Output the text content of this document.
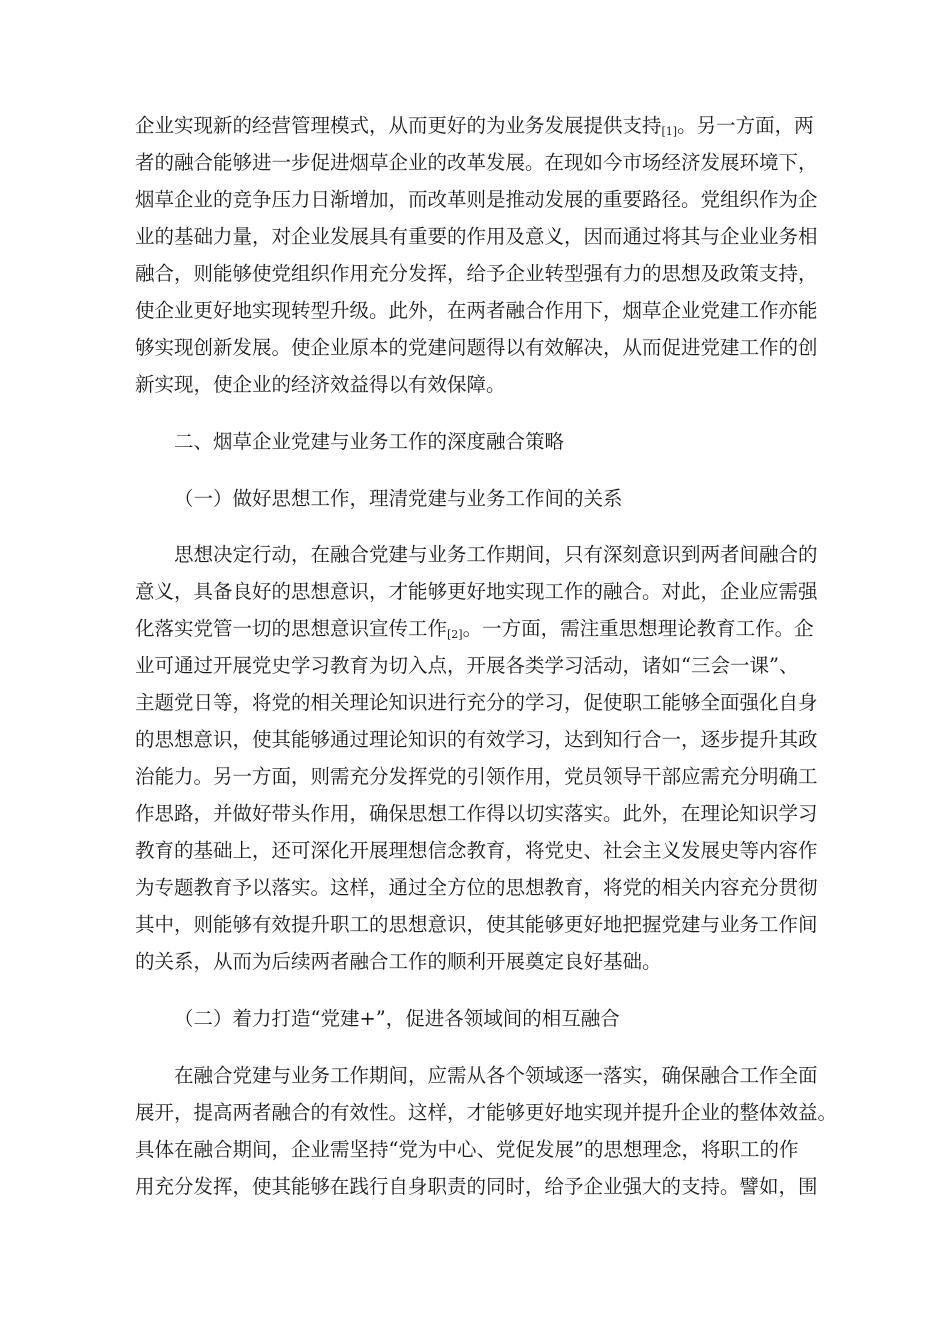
企业实现新的经营管理模式，从而更好的为业务发展提供支持$_{[1]}$。另一方面，两
者的融合能够进一步促进烟草企业的改革发展。在现如今市场经济发展环境下，
烟草企业的竞争压力日渐增加，而改革则是推动发展的重要路径。党组织作为企
业的基础力量，对企业发展具有重要的作用及意义，因而通过将其与企业业务相
融合，则能够使党组织作用充分发挥，给予企业转型强有力的思想及政策支持，
使企业更好地实现转型升级。此外，在两者融合作用下，烟草企业党建工作亦能
够实现创新发展。使企业原本的党建问题得以有效解决，从而促进党建工作的创
新实现，使企业的经济效益得以有效保障。
二、烟草企业党建与业务工作的深度融合策略
（一）做好思想工作，理清党建与业务工作间的关系
思想决定行动，在融合党建与业务工作期间，只有深刻意识到两者间融合的
意义，具备良好的思想意识，才能够更好地实现工作的融合。对此，企业应需强
化落实党管一切的思想意识宣传工作$_{[2]}$。一方面，需注重思想理论教育工作。企
业可通过开展党史学习教育为切入点，开展各类学习活动，诸如“三会一课”、
主题党日等，将党的相关理论知识进行充分的学习，促使职工能够全面强化自身
的思想意识，使其能够通过理论知识的有效学习，达到知行合一，逐步提升其政
治能力。另一方面，则需充分发挥党的引领作用，党员领导干部应需充分明确工
作思路，并做好带头作用，确保思想工作得以切实落实。此外，在理论知识学习
教育的基础上，还可深化开展理想信念教育，将党史、社会主义发展史等内容作
为专题教育予以落实。这样，通过全方位的思想教育，将党的相关内容充分贯彻
其中，则能够有效提升职工的思想意识，使其能够更好地把握党建与业务工作间
的关系，从而为后续两者融合工作的顺利开展奠定良好基础。
（二）着力打造“党建+”，促进各领域间的相互融合
在融合党建与业务工作期间，应需从各个领域逐一落实，确保融合工作全面
展开，提高两者融合的有效性。这样，才能够更好地实现并提升企业的整体效益。
具体在融合期间，企业需坚持“党为中心、党促发展”的思想理念，将职工的作
用充分发挥，使其能够在践行自身职责的同时，给予企业强大的支持。譬如，围
